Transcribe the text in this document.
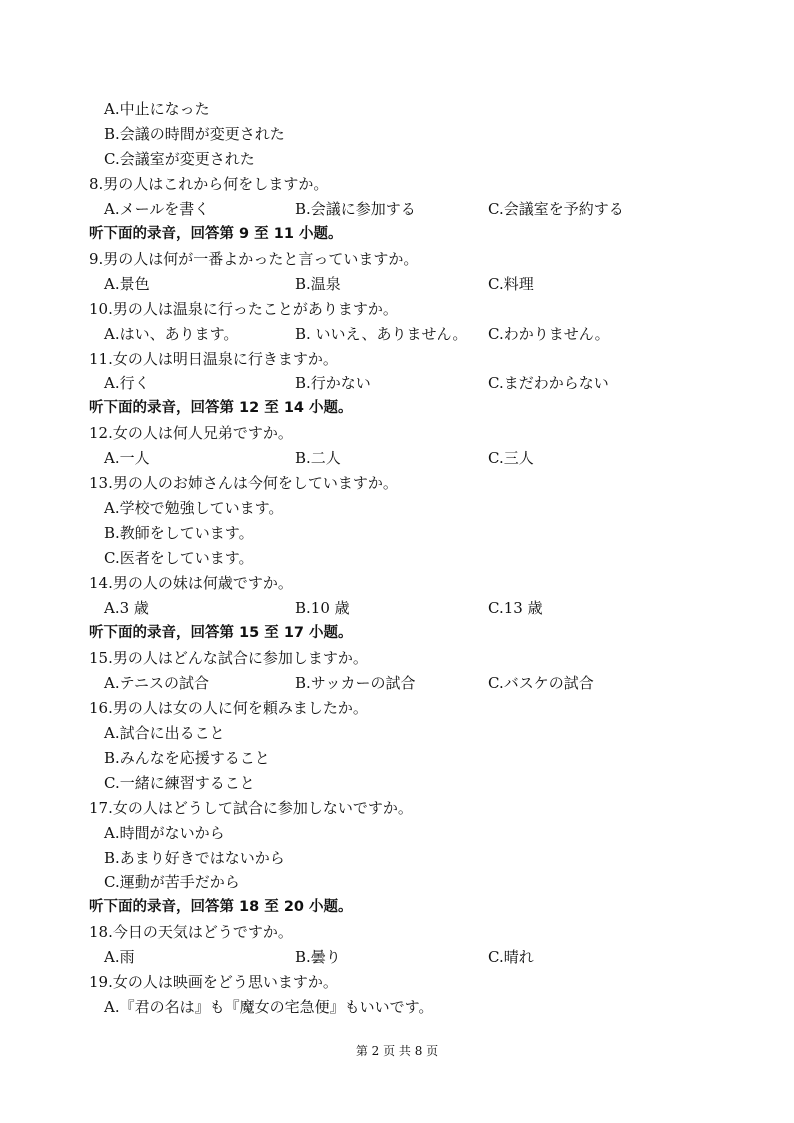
A.中止になった
B.会議の時間が変更された
C.会議室が変更された
8.男の人はこれから何をしますか。
A.メールを書く	B.会議に参加する	C.会議室を予約する
听下面的录音，回答第 9 至 11 小题。
9.男の人は何が一番よかったと言っていますか。
A.景色	B.温泉	C.料理
10.男の人は温泉に行ったことがありますか。
A.はい、あります。	B. いいえ、ありません。 C.わかりません。
11.女の人は明日温泉に行きますか。
A.行く	B.行かない	C.まだわからない
听下面的录音，回答第 12 至 14 小题。
12.女の人は何人兄弟ですか。
A.一人	B.二人	C.三人
13.男の人のお姉さんは今何をしていますか。
A.学校で勉強しています。
B.教師をしています。
C.医者をしています。
14.男の人の妹は何歳ですか。
A.3 歳	B.10 歳	C.13 歳
听下面的录音，回答第 15 至 17 小题。
15.男の人はどんな試合に参加しますか。
A.テニスの試合	B.サッカーの試合	C.バスケの試合
16.男の人は女の人に何を頼みましたか。
A.試合に出ること
B.みんなを応援すること
C.一緒に練習すること
17.女の人はどうして試合に参加しないですか。
A.時間がないから
B.あまり好きではないから
C.運動が苦手だから
听下面的录音，回答第 18 至 20 小题。
18.今日の天気はどうですか。
A.雨	B.曇り	C.晴れ
19.女の人は映画をどう思いますか。
A.『君の名は』も『魔女の宅急便』もいいです。
第 2 页 共 8 页
